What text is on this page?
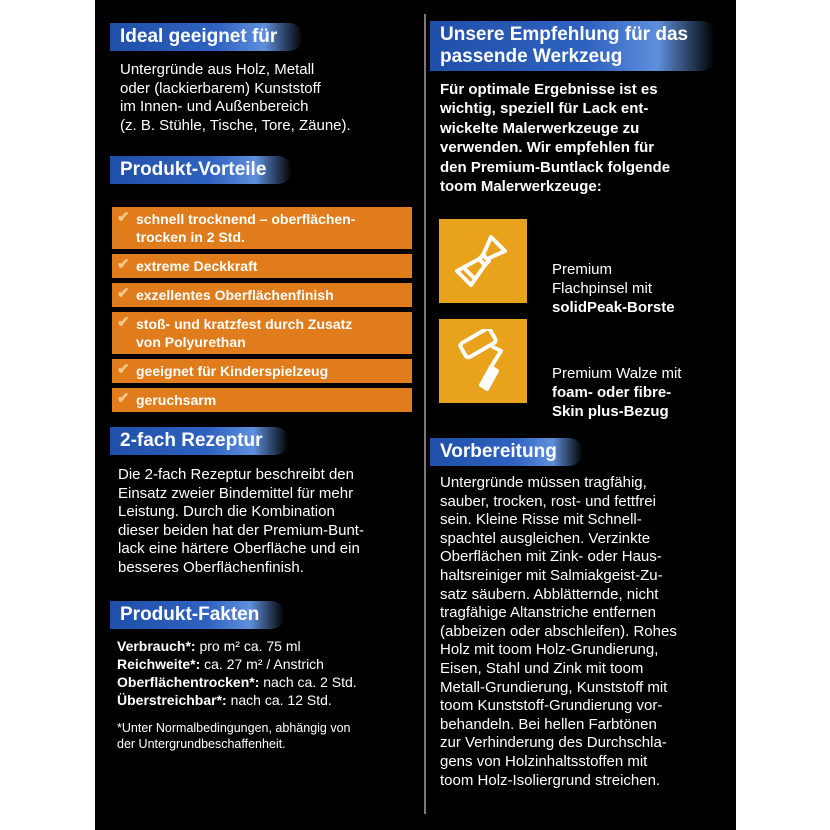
Ideal geeignet für

Untergründe aus Holz, Metall
oder (lackierbarem) Kunststoff
im Innen- und Außenbereich
(z. B. Stühle, Tische, Tore, Zäune).

Produkt-Vorteile
✔ schnell trocknend – oberflächen-
trocken in 2 Std.
✔ extreme Deckkraft
✔ exzellentes Oberflächenfinish
✔ stoß- und kratzfest durch Zusatz
von Polyurethan
✔ geeignet für Kinderspielzeug
✔ geruchsarm
2-fach Rezeptur

Die 2-fach Rezeptur beschreibt den
Einsatz zweier Bindemittel für mehr
Leistung. Durch die Kombination
dieser beiden hat der Premium-Bunt-
lack eine härtere Oberfläche und ein
besseres Oberflächenfinish.

Produkt-Fakten
Verbrauch*: pro m² ca. 75 ml
Reichweite*: ca. 27 m² / Anstrich
Oberflächentrocken*: nach ca. 2 Std.
Überstreichbar*: nach ca. 12 Std.

*Unter Normalbedingungen, abhängig von
der Untergrundbeschaffenheit.

Unsere Empfehlung für das passende Werkzeug

Für optimale Ergebnisse ist es
wichtig, speziell für Lack ent-
wickelte Malerwerkzeuge zu
verwenden. Wir empfehlen für
den Premium-Buntlack folgende
toom Malerwerkzeuge:

Premium
Flachpinsel mit
solidPeak-Borste

Premium Walze mit
foam- oder fibre-
Skin plus-Bezug

Vorbereitung

Untergründe müssen tragfähig,
sauber, trocken, rost- und fettfrei
sein. Kleine Risse mit Schnell-
spachtel ausgleichen. Verzinkte
Oberflächen mit Zink- oder Haus-
haltsreiniger mit Salmiakgeist-Zu-
satz säubern. Abblätternde, nicht
tragfähige Altanstriche entfernen
(abbeizen oder abschleifen). Rohes
Holz mit toom Holz-Grundierung,
Eisen, Stahl und Zink mit toom
Metall-Grundierung, Kunststoff mit
toom Kunststoff-Grundierung vor-
behandeln. Bei hellen Farbtönen
zur Verhinderung des Durchschla-
gens von Holzinhaltsstoffen mit
toom Holz-Isoliergrund streichen.
